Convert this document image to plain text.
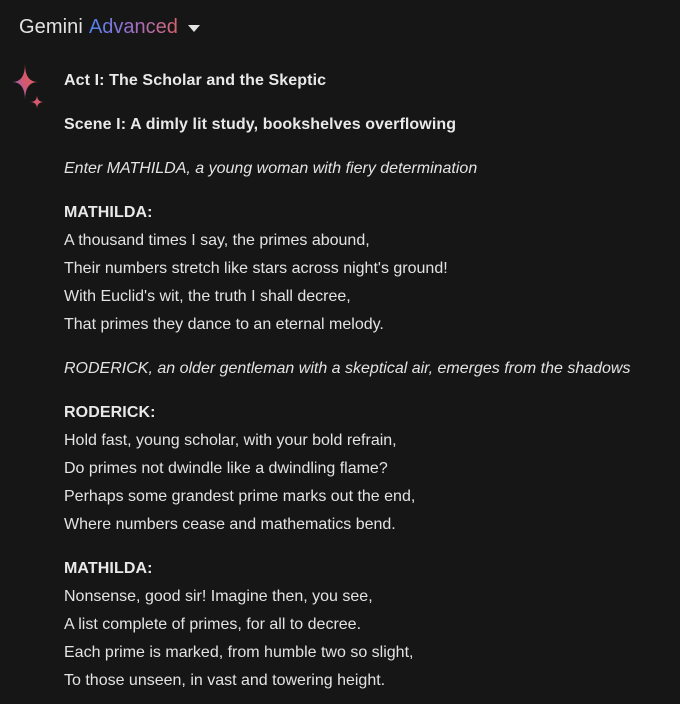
Gemini Advanced

Act I: The Scholar and the Skeptic

Scene I: A dimly lit study, bookshelves overflowing

Enter MATHILDA, a young woman with fiery determination

MATHILDA:
A thousand times I say, the primes abound,
Their numbers stretch like stars across night's ground!
With Euclid's wit, the truth I shall decree,
That primes they dance to an eternal melody.

RODERICK, an older gentleman with a skeptical air, emerges from the shadows

RODERICK:
Hold fast, young scholar, with your bold refrain,
Do primes not dwindle like a dwindling flame?
Perhaps some grandest prime marks out the end,
Where numbers cease and mathematics bend.

MATHILDA:
Nonsense, good sir! Imagine then, you see,
A list complete of primes, for all to decree.
Each prime is marked, from humble two so slight,
To those unseen, in vast and towering height.
